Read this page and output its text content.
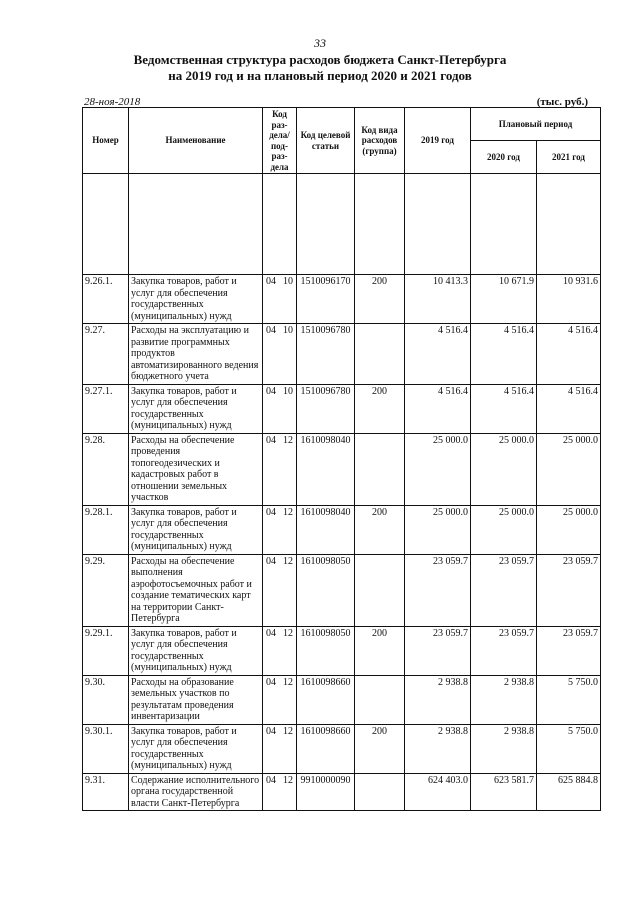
33
Ведомственная структура расходов бюджета Санкт-Петербурга
на 2019 год и на плановый период 2020 и 2021 годов
28-ноя-2018	(тыс. руб.)
Номер	Наименование	Код раз- дела/ под- раз- дела	Код целевой статьи	Код вида расходов (группа)	2019 год	Плановый период	
						2020 год	2021 год

9.26.1.	Закупка товаров, работ и услуг для обеспечения государственных (муниципальных) нужд	04 10	1510096170	200	10 413.3	10 671.9	10 931.6
9.27.	Расходы на эксплуатацию и развитие программных продуктов автоматизированного ведения бюджетного учета	04 10	1510096780		4 516.4	4 516.4	4 516.4
9.27.1.	Закупка товаров, работ и услуг для обеспечения государственных (муниципальных) нужд	04 10	1510096780	200	4 516.4	4 516.4	4 516.4
9.28.	Расходы на обеспечение проведения топогеодезических и кадастровых работ в отношении земельных участков	04 12	1610098040		25 000.0	25 000.0	25 000.0
9.28.1.	Закупка товаров, работ и услуг для обеспечения государственных (муниципальных) нужд	04 12	1610098040	200	25 000.0	25 000.0	25 000.0
9.29.	Расходы на обеспечение выполнения аэрофотосъемочных работ и создание тематических карт на территории Санкт-Петербурга	04 12	1610098050		23 059.7	23 059.7	23 059.7
9.29.1.	Закупка товаров, работ и услуг для обеспечения государственных (муниципальных) нужд	04 12	1610098050	200	23 059.7	23 059.7	23 059.7
9.30.	Расходы на образование земельных участков по результатам проведения инвентаризации	04 12	1610098660		2 938.8	2 938.8	5 750.0
9.30.1.	Закупка товаров, работ и услуг для обеспечения государственных (муниципальных) нужд	04 12	1610098660	200	2 938.8	2 938.8	5 750.0
9.31.	Содержание исполнительного органа государственной власти Санкт-Петербурга	04 12	9910000090		624 403.0	623 581.7	625 884.8
